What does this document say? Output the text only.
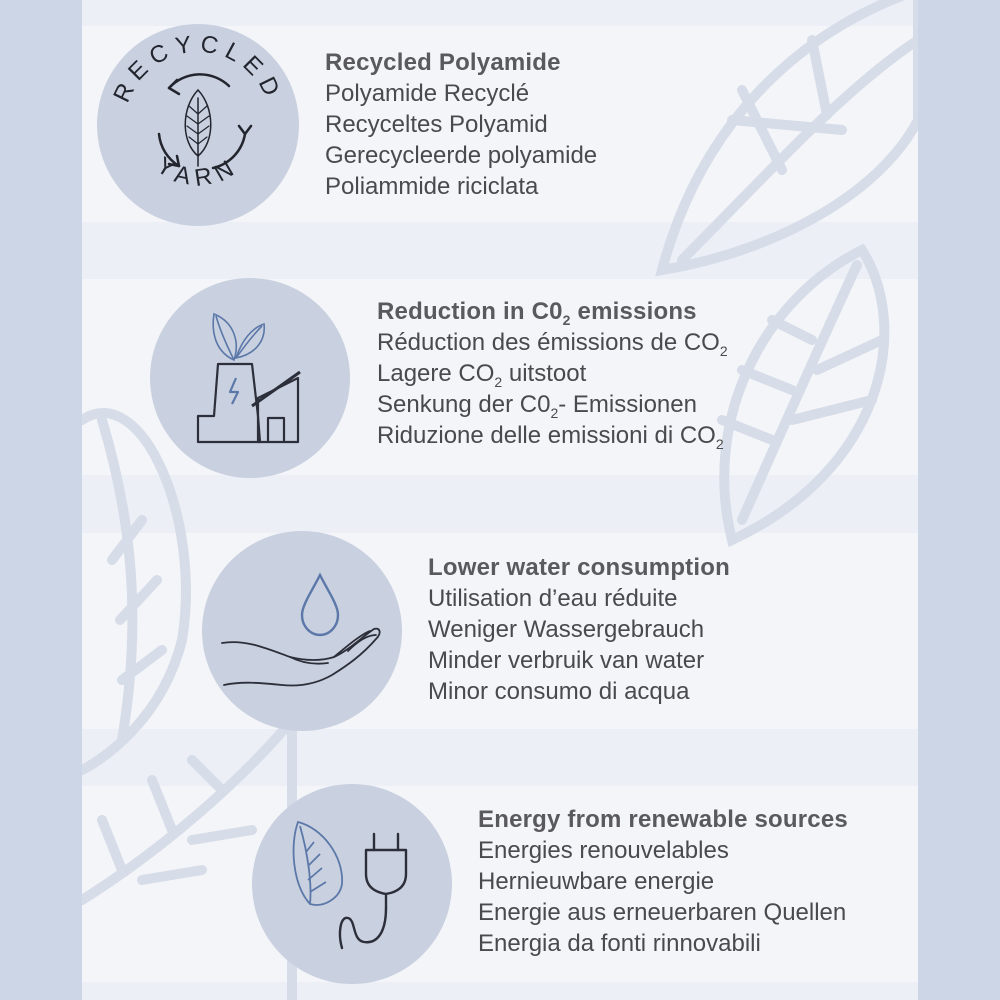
RECYCLED
YARN
Recycled Polyamide
Polyamide Recyclé
Recyceltes Polyamid
Gerecycleerde polyamide
Poliammide riciclata
Reduction in $C0_2$ emissions
Réduction des émissions de $CO_2$
Lagere $CO_2$ uitstoot
Senkung der $C0_2-$ Emissionen
Riduzione delle emissioni di $CO_2$
Lower water consumption
Utilisation d’eau réduite
Weniger Wassergebrauch
Minder verbruik van water
Minor consumo di acqua
Energy from renewable sources
Energies renouvelables
Hernieuwbare energie
Energie aus erneuerbaren Quellen
Energia da fonti rinnovabili
